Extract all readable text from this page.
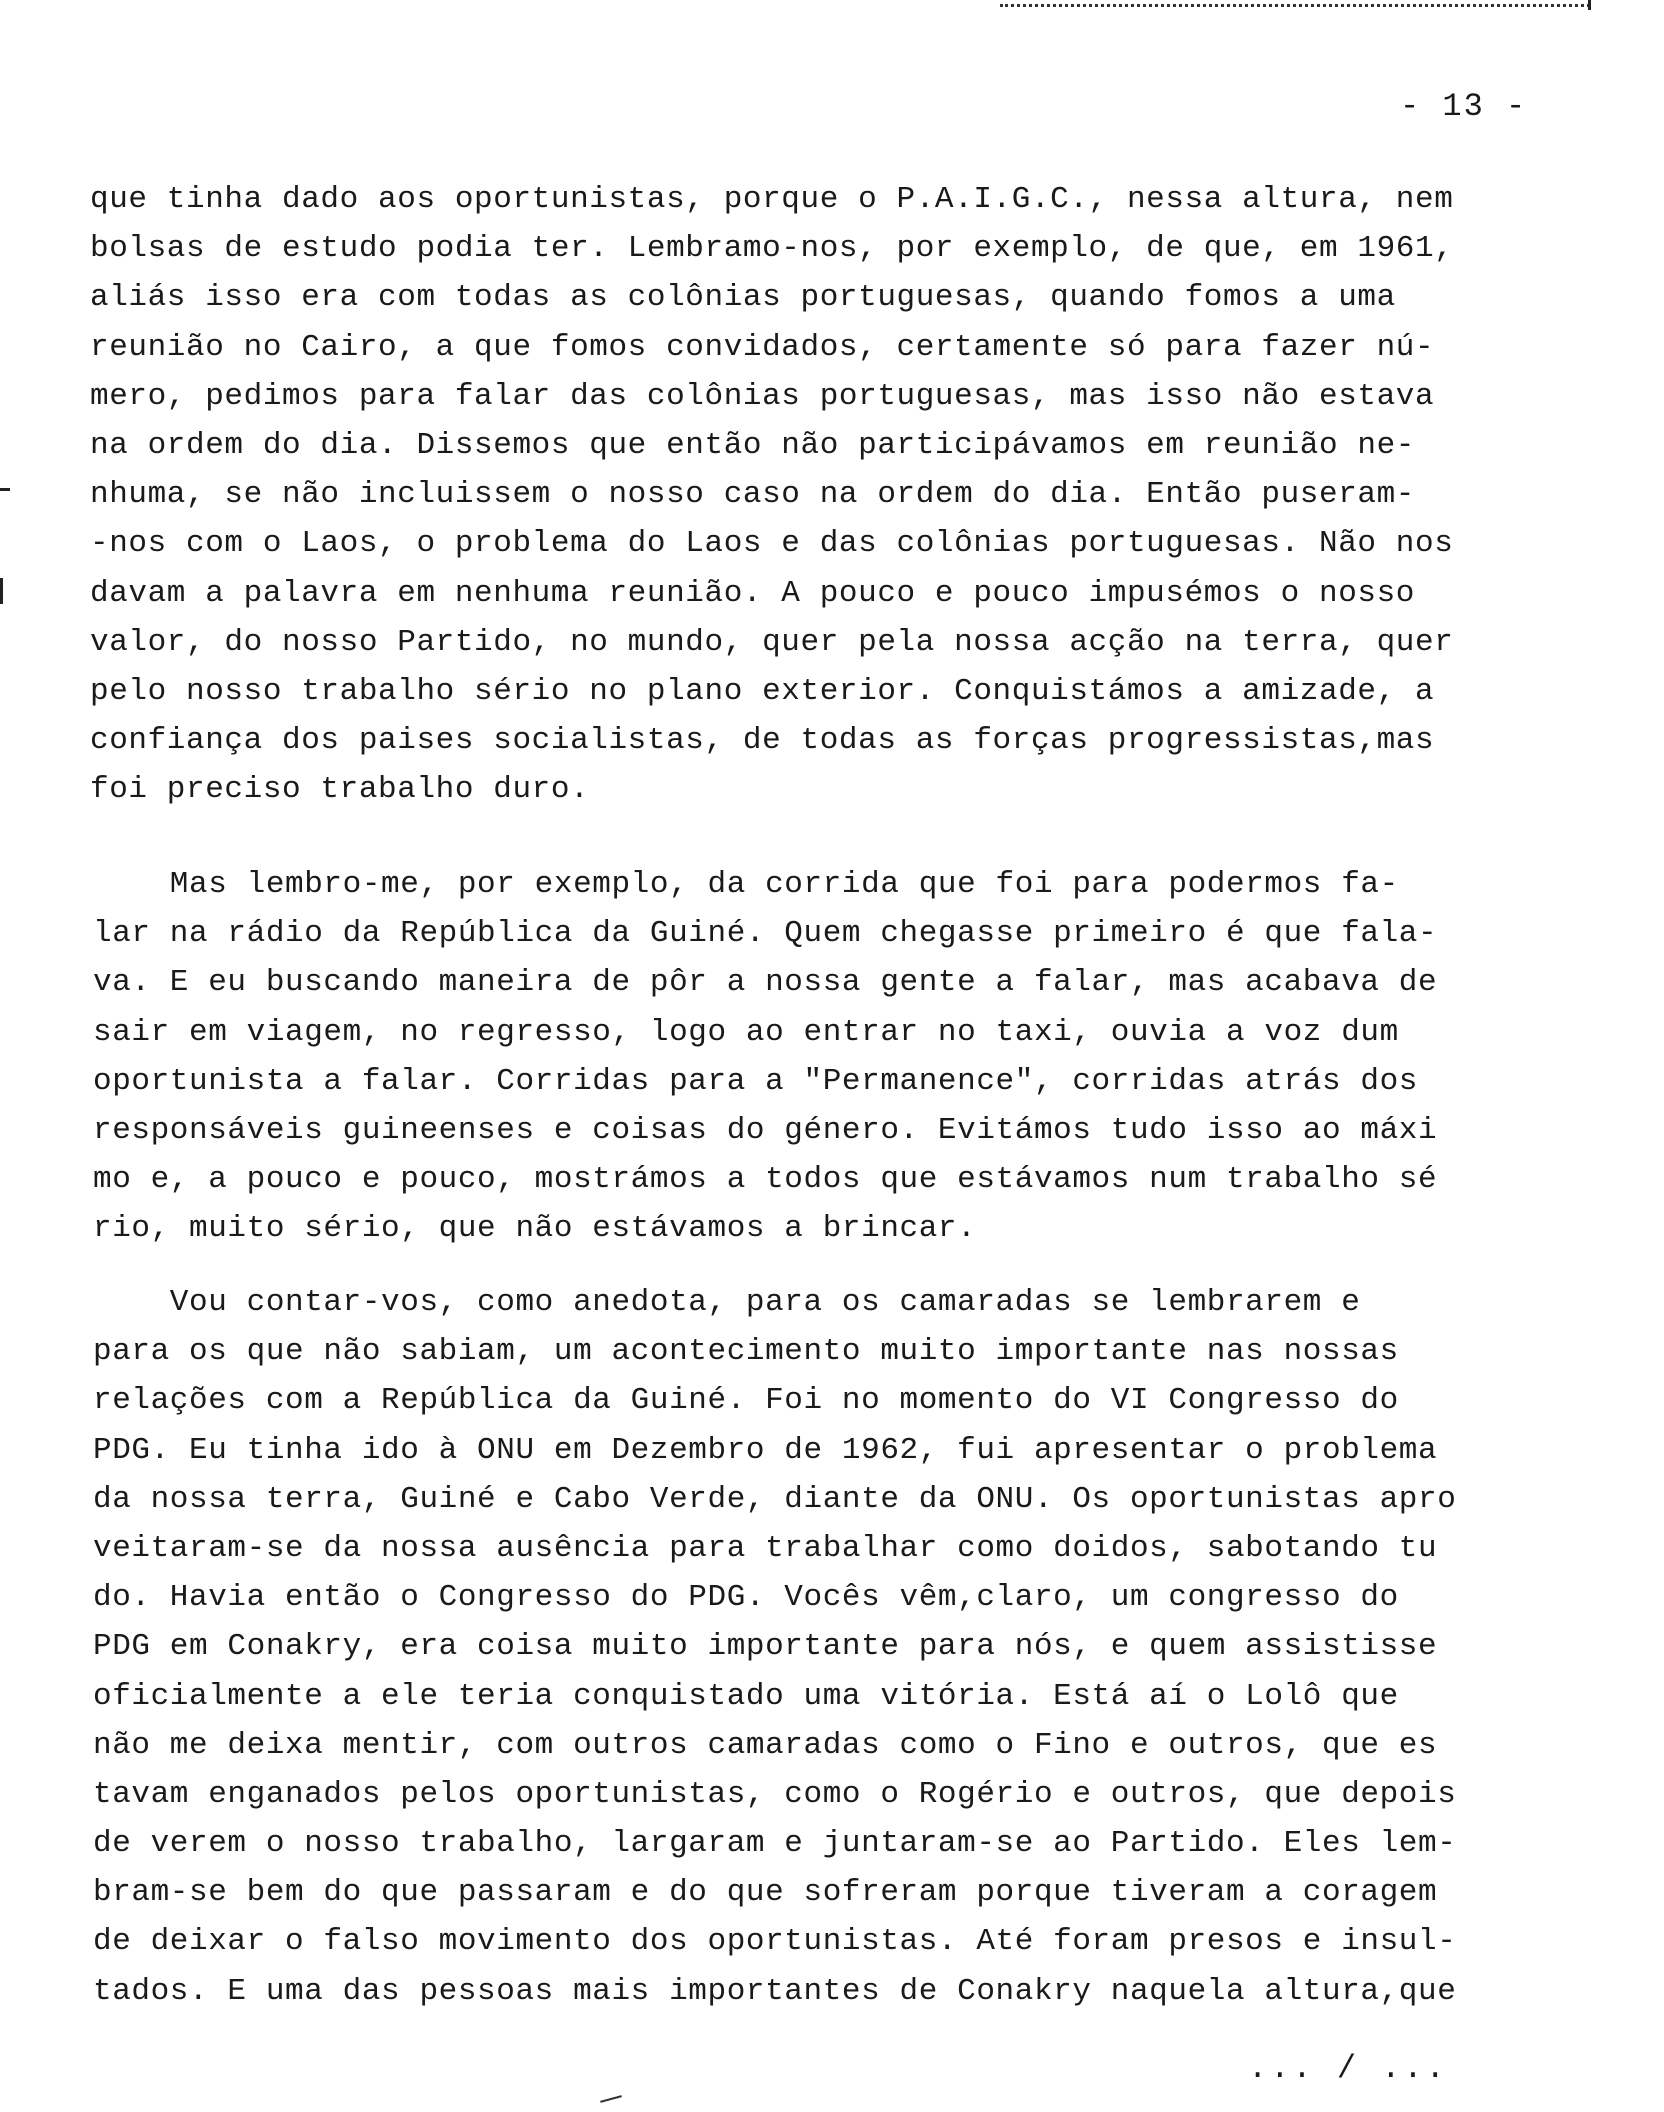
- 13 -
que tinha dado aos oportunistas, porque o P.A.I.G.C., nessa altura, nem
bolsas de estudo podia ter. Lembramo-nos, por exemplo, de que, em 1961,
aliás isso era com todas as colônias portuguesas, quando fomos a uma
reunião no Cairo, a que fomos convidados, certamente só para fazer nú-
mero, pedimos para falar das colônias portuguesas, mas isso não estava
na ordem do dia. Dissemos que então não participávamos em reunião ne-
nhuma, se não incluissem o nosso caso na ordem do dia. Então puseram-
-nos com o Laos, o problema do Laos e das colônias portuguesas. Não nos
davam a palavra em nenhuma reunião. A pouco e pouco impusémos o nosso
valor, do nosso Partido, no mundo, quer pela nossa acção na terra, quer
pelo nosso trabalho sério no plano exterior. Conquistámos a amizade, a
confiança dos paises socialistas, de todas as forças progressistas,mas
foi preciso trabalho duro.
Mas lembro-me, por exemplo, da corrida que foi para podermos fa-
lar na rádio da República da Guiné. Quem chegasse primeiro é que fala-
va. E eu buscando maneira de pôr a nossa gente a falar, mas acabava de
sair em viagem, no regresso, logo ao entrar no taxi, ouvia a voz dum
oportunista a falar. Corridas para a "Permanence", corridas atrás dos
responsáveis guineenses e coisas do género. Evitámos tudo isso ao máxi
mo e, a pouco e pouco, mostrámos a todos que estávamos num trabalho sé
rio, muito sério, que não estávamos a brincar.
Vou contar-vos, como anedota, para os camaradas se lembrarem e
para os que não sabiam, um acontecimento muito importante nas nossas
relações com a República da Guiné. Foi no momento do VI Congresso do
PDG. Eu tinha ido à ONU em Dezembro de 1962, fui apresentar o problema
da nossa terra, Guiné e Cabo Verde, diante da ONU. Os oportunistas apro
veitaram-se da nossa ausência para trabalhar como doidos, sabotando tu
do. Havia então o Congresso do PDG. Vocês vêm,claro, um congresso do
PDG em Conakry, era coisa muito importante para nós, e quem assistisse
oficialmente a ele teria conquistado uma vitória. Está aí o Lolô que
não me deixa mentir, com outros camaradas como o Fino e outros, que es
tavam enganados pelos oportunistas, como o Rogério e outros, que depois
de verem o nosso trabalho, largaram e juntaram-se ao Partido. Eles lem-
bram-se bem do que passaram e do que sofreram porque tiveram a coragem
de deixar o falso movimento dos oportunistas. Até foram presos e insul-
tados. E uma das pessoas mais importantes de Conakry naquela altura,que
... / ...
